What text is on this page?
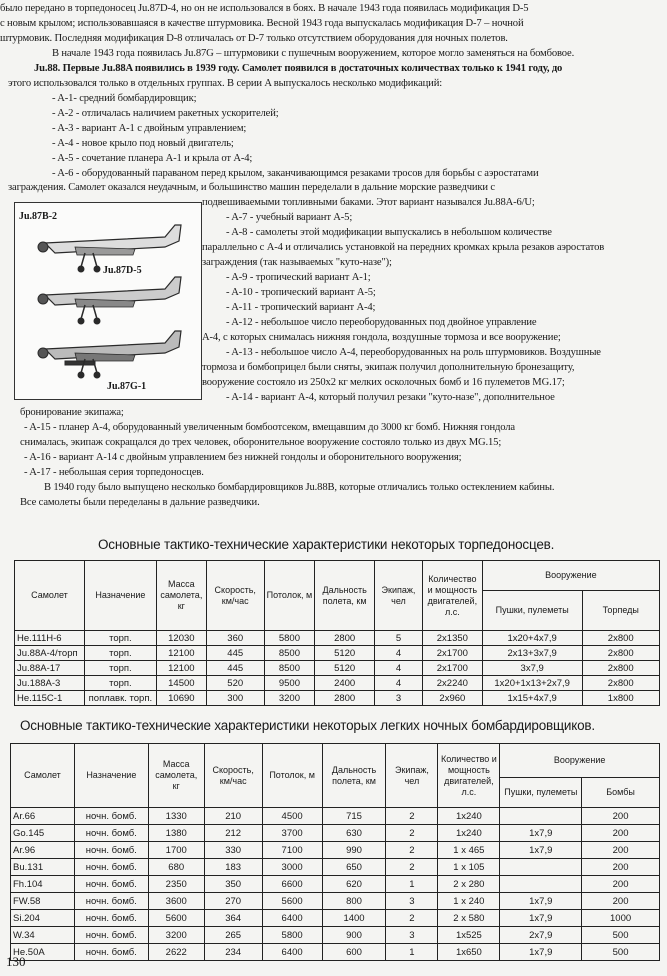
было передано в торпедоносец Ju.87D-4, но он не использовался в боях. В начале 1943 года появилась модификация D-5
с новым крылом; использовавшаяся в качестве штурмовика. Весной 1943 года выпускалась модификация D-7 – ночной
штурмовик. Последняя модификация D-8 отличалась от D-7 только отсутствием оборудования для ночных полетов.
В начале 1943 года появилась Ju.87G – штурмовики с пушечным вооружением, которое могло заменяться на бомбовое.
Ju.88. Первые Ju.88A появились в 1939 году. Самолет появился в достаточных количествах только к 1941 году, до
этого использовался только в отдельных группах. В серии A выпускалось несколько модификаций:
- A-1- средний бомбардировщик;
- A-2 - отличалась наличием ракетных ускорителей;
- A-3 - вариант A-1 с двойным управлением;
- A-4 - новое крыло под новый двигатель;
- A-5 - сочетание планера A-1 и крыла от A-4;
- A-6 - оборудованный параваном перед крылом, заканчивающимся резаками тросов для борьбы с аэростатами
заграждения. Самолет оказался неудачным, и большинство машин переделали в дальние морские разведчики с
подвешиваемыми топливными баками. Этот вариант назывался Ju.88A-6/U;
Ju.87B-2
Ju.87D-5
Ju.87G-1
- A-7 - учебный вариант A-5;
- A-8 - самолеты этой модификации выпускались в небольшом количестве
параллельно с A-4 и отличались установкой на передних кромках крыла резаков аэростатов
заграждения (так называемых "куто-назе");
- A-9 - тропический вариант A-1;
- A-10 - тропический вариант A-5;
- A-11 - тропический вариант A-4;
- A-12 - небольшое число переоборудованных под двойное управление
A-4, с которых снималась нижняя гондола, воздушные тормоза и все вооружение;
- A-13 - небольшое число A-4, переоборудованных на роль штурмовиков. Воздушные
тормоза и бомбоприцел были сняты, экипаж получил дополнительную бронезащиту,
вооружение состояло из 250х2 кг мелких осколочных бомб и 16 пулеметов MG.17;
- A-14 - вариант A-4, который получил резаки "куто-назе", дополнительное
бронирование экипажа;
- A-15 - планер A-4, оборудованный увеличенным бомбоотсеком, вмещавшим до 3000 кг бомб. Нижняя гондола
снималась, экипаж сокращался до трех человек, оборонительное вооружение состояло только из двух MG.15;
- A-16 - вариант A-14 с двойным управлением без нижней гондолы и оборонительного вооружения;
- A-17 - небольшая серия торпедоносцев.
В 1940 году было выпущено несколько бомбардировщиков Ju.88B, которые отличались только остеклением кабины.
Все самолеты были переделаны в дальние разведчики.
Основные тактико-технические характеристики некоторых торпедоносцев.
Самолет	Назначение	Масса самолета, кг	Скорость, км/час	Потолок, м	Дальность полета, км	Экипаж, чел	Количество и мощность двигателей, л.с.	Вооружение	
								Пушки, пулеметы	Торпеды
He.111H-6	торп.	12030	360	5800	2800	5	2x1350	1x20+4x7,9	2x800
Ju.88A-4/торп	торп.	12100	445	8500	5120	4	2x1700	2x13+3x7,9	2x800
Ju.88A-17	торп.	12100	445	8500	5120	4	2x1700	3x7,9	2x800
Ju.188A-3	торп.	14500	520	9500	2400	4	2x2240	1x20+1x13+2x7,9	2x800
He.115C-1	поплавк. торп.	10690	300	3200	2800	3	2x960	1x15+4x7,9	1x800
Основные тактико-технические характеристики некоторых легких ночных бомбардировщиков.
Самолет	Назначение	Масса самолета, кг	Скорость, км/час	Потолок, м	Дальность полета, км	Экипаж, чел	Количество и мощность двигателей, л.с.	Вооружение	
								Пушки, пулеметы	Бомбы
Ar.66	ночн. бомб.	1330	210	4500	715	2	1x240		200
Go.145	ночн. бомб.	1380	212	3700	630	2	1x240	1x7,9	200
Ar.96	ночн. бомб.	1700	330	7100	990	2	1 x 465	1x7,9	200
Bu.131	ночн. бомб.	680	183	3000	650	2	1 x 105		200
Fh.104	ночн. бомб.	2350	350	6600	620	1	2 x 280		200
FW.58	ночн. бомб.	3600	270	5600	800	3	1 x 240	1x7,9	200
Si.204	ночн. бомб.	5600	364	6400	1400	2	2 x 580	1x7,9	1000
W.34	ночн. бомб.	3200	265	5800	900	3	1x525	2x7,9	500
He.50A	ночн. бомб.	2622	234	6400	600	1	1x650	1x7,9	500
130
